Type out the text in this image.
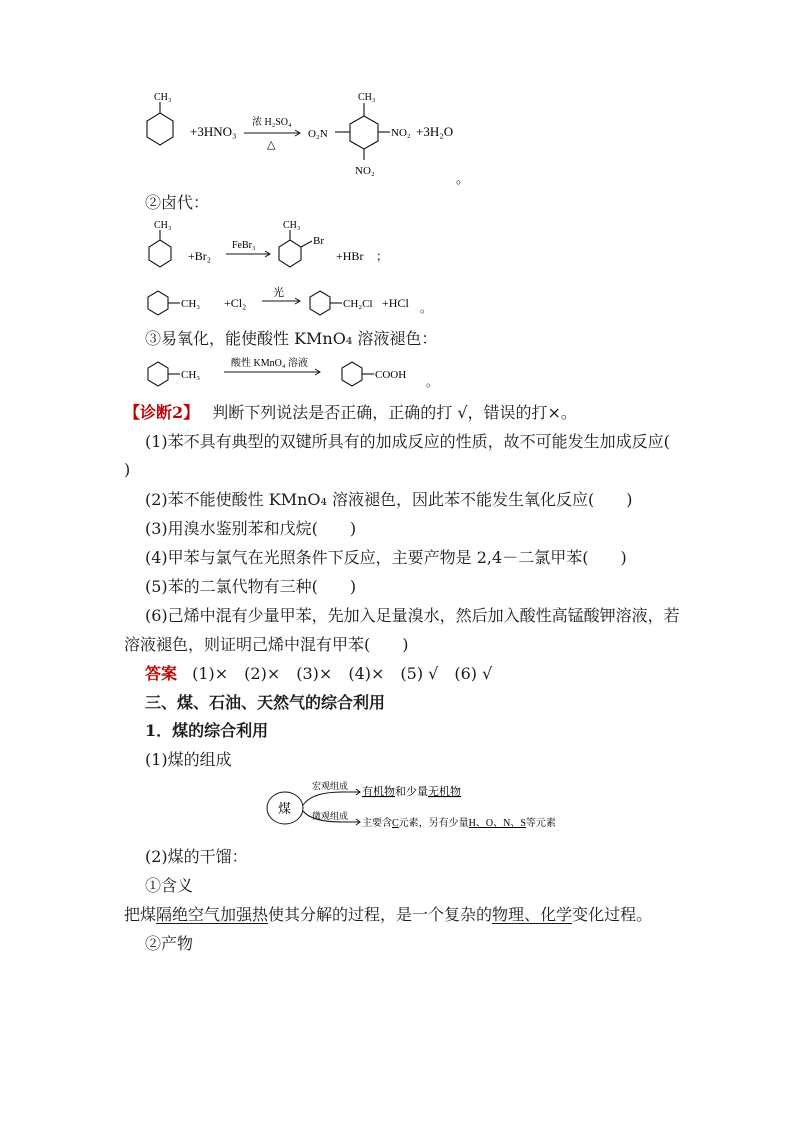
CH₃
+3HNO₃
浓 H₂SO₄
△
O₂N
CH₃
NO₂
NO₂
+3H₂O
。
②卤代：
CH₃
+Br₂
FeBr₃
CH₃
Br
+HBr ；
CH₃ +Cl₂
光
CH₂Cl +HCl 。
③易氧化，能使酸性 KMnO₄ 溶液褪色：
CH₃
酸性 KMnO₄ 溶液
COOH 。
【诊断2】 判断下列说法是否正确，正确的打 √，错误的打×。
(1)苯不具有典型的双键所具有的加成反应的性质，故不可能发生加成反应(
)
(2)苯不能使酸性 KMnO₄ 溶液褪色，因此苯不能发生氧化反应(　　)
(3)用溴水鉴别苯和戊烷(　　)
(4)甲苯与氯气在光照条件下反应，主要产物是 2,4－二氯甲苯(　　)
(5)苯的二氯代物有三种(　　)
(6)己烯中混有少量甲苯，先加入足量溴水，然后加入酸性高锰酸钾溶液，若
溶液褪色，则证明己烯中混有甲苯(　　)
答案 (1)×　(2)×　(3)×　(4)×　(5) √　(6) √
三、煤、石油、天然气的综合利用
1．煤的综合利用
(1)煤的组成
煤
宏观组成 有机物和少量无机物
微观组成
主要含C元素，另有少量H、O、N、S等元素
(2)煤的干馏：
①含义
把煤隔绝空气加强热使其分解的过程，是一个复杂的物理、化学变化过程。
②产物
